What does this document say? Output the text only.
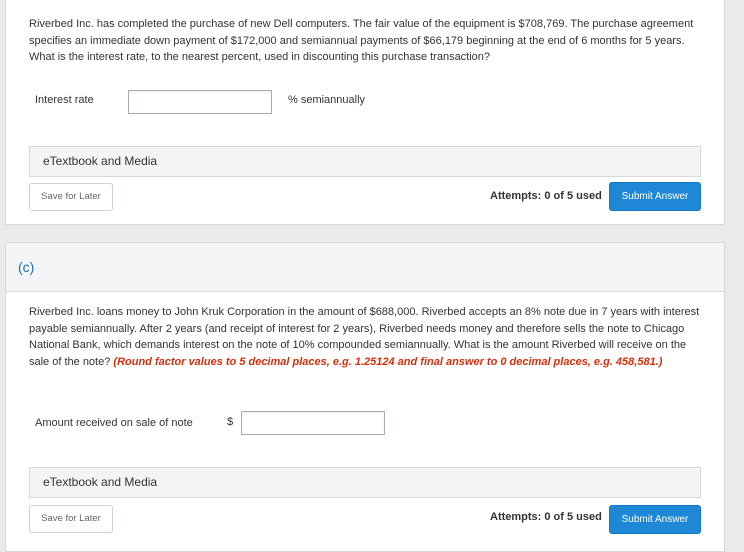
Riverbed Inc. has completed the purchase of new Dell computers. The fair value of the equipment is $708,769. The purchase agreement specifies an immediate down payment of $172,000 and semiannual payments of $66,179 beginning at the end of 6 months for 5 years. What is the interest rate, to the nearest percent, used in discounting this purchase transaction?
Interest rate	% semiannually
eTextbook and Media
Save for Later	Attempts: 0 of 5 used	Submit Answer
(c)
Riverbed Inc. loans money to John Kruk Corporation in the amount of $688,000. Riverbed accepts an 8% note due in 7 years with interest payable semiannually. After 2 years (and receipt of interest for 2 years), Riverbed needs money and therefore sells the note to Chicago National Bank, which demands interest on the note of 10% compounded semiannually. What is the amount Riverbed will receive on the sale of the note? (Round factor values to 5 decimal places, e.g. 1.25124 and final answer to 0 decimal places, e.g. 458,581.)
Amount received on sale of note	$
eTextbook and Media
Save for Later	Attempts: 0 of 5 used	Submit Answer
